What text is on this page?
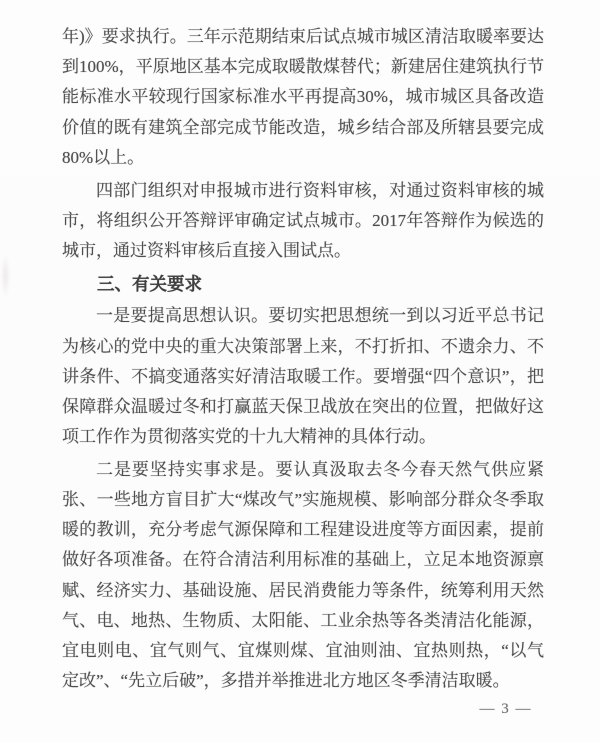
年)》要求执行。三年示范期结束后试点城市城区清洁取暖率要达到100%，平原地区基本完成取暖散煤替代；新建居住建筑执行节能标准水平较现行国家标准水平再提高30%，城市城区具备改造价值的既有建筑全部完成节能改造，城乡结合部及所辖县要完成80%以上。

四部门组织对申报城市进行资料审核，对通过资料审核的城市，将组织公开答辩评审确定试点城市。2017年答辩作为候选的城市，通过资料审核后直接入围试点。

三、有关要求

一是要提高思想认识。要切实把思想统一到以习近平总书记为核心的党中央的重大决策部署上来，不打折扣、不遗余力、不讲条件、不搞变通落实好清洁取暖工作。要增强“四个意识”，把保障群众温暖过冬和打赢蓝天保卫战放在突出的位置，把做好这项工作作为贯彻落实党的十九大精神的具体行动。

二是要坚持实事求是。要认真汲取去冬今春天然气供应紧张、一些地方盲目扩大“煤改气”实施规模、影响部分群众冬季取暖的教训，充分考虑气源保障和工程建设进度等方面因素，提前做好各项准备。在符合清洁利用标准的基础上，立足本地资源禀赋、经济实力、基础设施、居民消费能力等条件，统筹利用天然气、电、地热、生物质、太阳能、工业余热等各类清洁化能源，宜电则电、宜气则气、宜煤则煤、宜油则油、宜热则热，“以气定改”、“先立后破”，多措并举推进北方地区冬季清洁取暖。

— 3 —
